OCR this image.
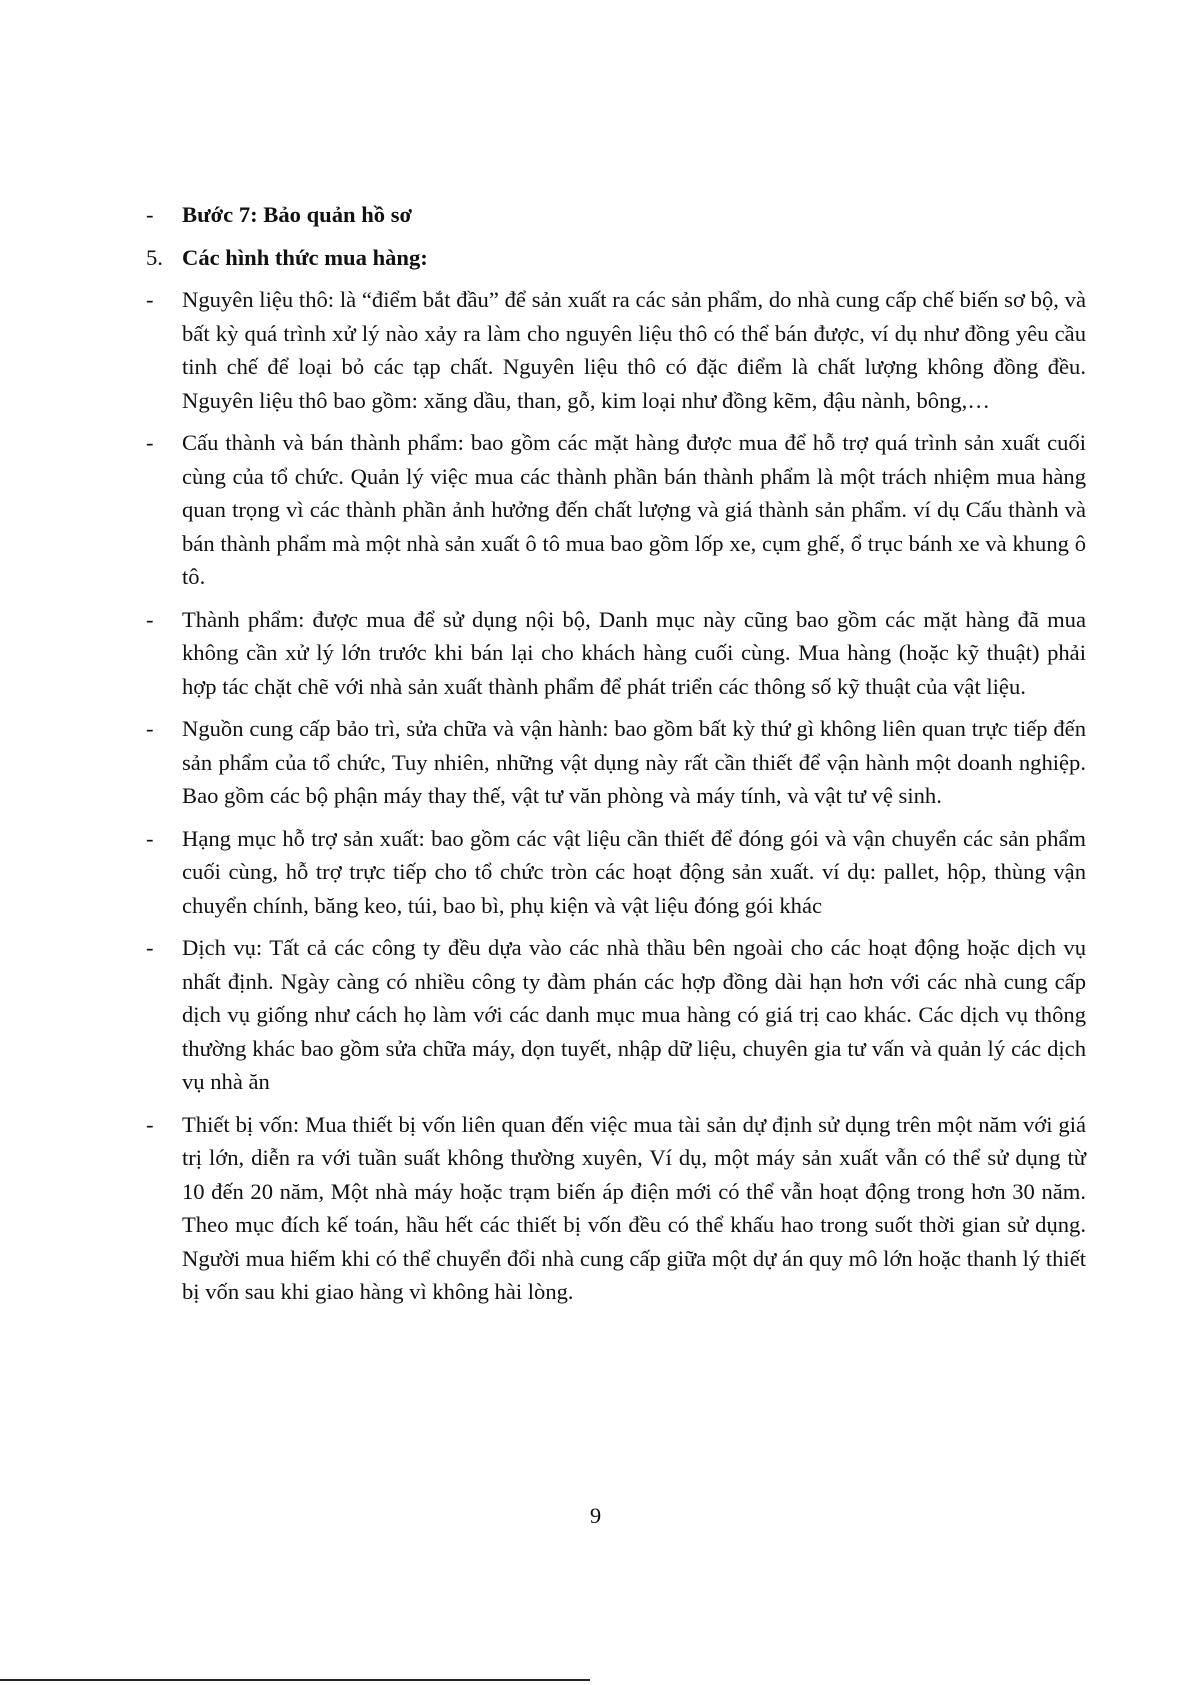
- Bước 7: Bảo quản hồ sơ
5. Các hình thức mua hàng:
- Nguyên liệu thô: là “điểm bắt đầu” để sản xuất ra các sản phẩm, do nhà cung cấp chế biến sơ bộ, và bất kỳ quá trình xử lý nào xảy ra làm cho nguyên liệu thô có thể bán được, ví dụ như đồng yêu cầu tinh chế để loại bỏ các tạp chất. Nguyên liệu thô có đặc điểm là chất lượng không đồng đều. Nguyên liệu thô bao gồm: xăng dầu, than, gỗ, kim loại như đồng kẽm, đậu nành, bông,…
- Cấu thành và bán thành phẩm: bao gồm các mặt hàng được mua để hỗ trợ quá trình sản xuất cuối cùng của tổ chức. Quản lý việc mua các thành phần bán thành phẩm là một trách nhiệm mua hàng quan trọng vì các thành phần ảnh hưởng đến chất lượng và giá thành sản phẩm. ví dụ Cấu thành và bán thành phẩm mà một nhà sản xuất ô tô mua bao gồm lốp xe, cụm ghế, ổ trục bánh xe và khung ô tô.
- Thành phẩm: được mua để sử dụng nội bộ, Danh mục này cũng bao gồm các mặt hàng đã mua không cần xử lý lớn trước khi bán lại cho khách hàng cuối cùng. Mua hàng (hoặc kỹ thuật) phải hợp tác chặt chẽ với nhà sản xuất thành phẩm để phát triển các thông số kỹ thuật của vật liệu.
- Nguồn cung cấp bảo trì, sửa chữa và vận hành: bao gồm bất kỳ thứ gì không liên quan trực tiếp đến sản phẩm của tổ chức, Tuy nhiên, những vật dụng này rất cần thiết để vận hành một doanh nghiệp. Bao gồm các bộ phận máy thay thế, vật tư văn phòng và máy tính, và vật tư vệ sinh.
- Hạng mục hỗ trợ sản xuất: bao gồm các vật liệu cần thiết để đóng gói và vận chuyển các sản phẩm cuối cùng, hỗ trợ trực tiếp cho tổ chức tròn các hoạt động sản xuất. ví dụ: pallet, hộp, thùng vận chuyển chính, băng keo, túi, bao bì, phụ kiện và vật liệu đóng gói khác
- Dịch vụ: Tất cả các công ty đều dựa vào các nhà thầu bên ngoài cho các hoạt động hoặc dịch vụ nhất định. Ngày càng có nhiều công ty đàm phán các hợp đồng dài hạn hơn với các nhà cung cấp dịch vụ giống như cách họ làm với các danh mục mua hàng có giá trị cao khác. Các dịch vụ thông thường khác bao gồm sửa chữa máy, dọn tuyết, nhập dữ liệu, chuyên gia tư vấn và quản lý các dịch vụ nhà ăn
- Thiết bị vốn: Mua thiết bị vốn liên quan đến việc mua tài sản dự định sử dụng trên một năm với giá trị lớn, diễn ra với tuần suất không thường xuyên, Ví dụ, một máy sản xuất vẫn có thể sử dụng từ 10 đến 20 năm, Một nhà máy hoặc trạm biến áp điện mới có thể vẫn hoạt động trong hơn 30 năm. Theo mục đích kế toán, hầu hết các thiết bị vốn đều có thể khấu hao trong suốt thời gian sử dụng. Người mua hiếm khi có thể chuyển đổi nhà cung cấp giữa một dự án quy mô lớn hoặc thanh lý thiết bị vốn sau khi giao hàng vì không hài lòng.
9
